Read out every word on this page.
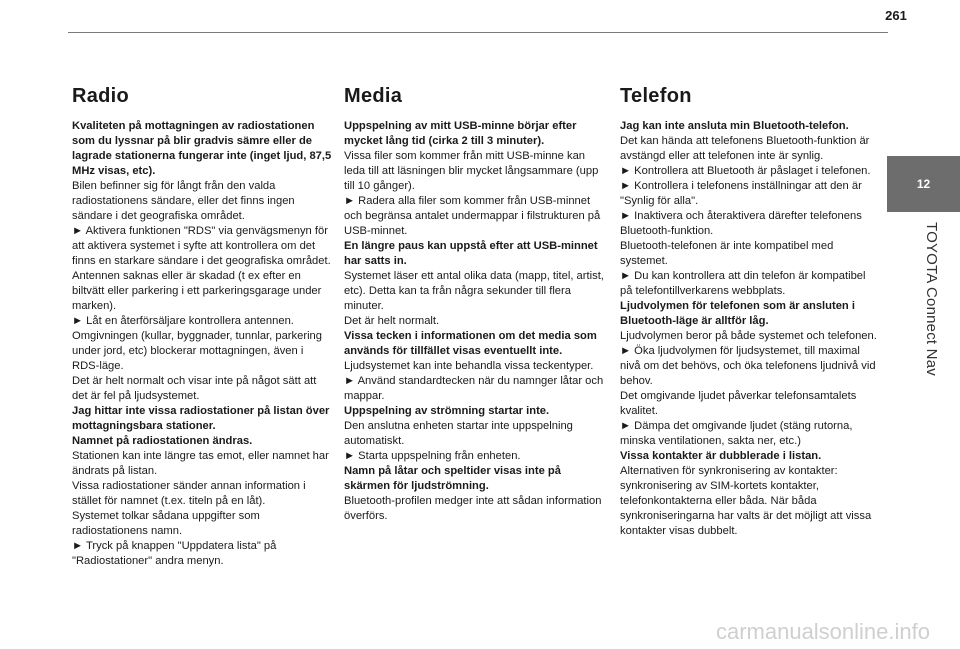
261
12
TOYOTA Connect Nav
Radio

Kvaliteten på mottagningen av radiostationen som du lyssnar på blir gradvis sämre eller de lagrade stationerna fungerar inte (inget ljud, 87,5 MHz visas, etc).

Bilen befinner sig för långt från den valda radiostationens sändare, eller det finns ingen sändare i det geografiska området.

► Aktivera funktionen "RDS" via genvägsmenyn för att aktivera systemet i syfte att kontrollera om det finns en starkare sändare i det geografiska området.

Antennen saknas eller är skadad (t ex efter en biltvätt eller parkering i ett parkeringsgarage under marken).

► Låt en återförsäljare kontrollera antennen.

Omgivningen (kullar, byggnader, tunnlar, parkering under jord, etc) blockerar mottagningen, även i RDS-läge.

Det är helt normalt och visar inte på något sätt att det är fel på ljudsystemet.

Jag hittar inte vissa radiostationer på listan över mottagningsbara stationer.

Namnet på radiostationen ändras.

Stationen kan inte längre tas emot, eller namnet har ändrats på listan.

Vissa radiostationer sänder annan information i stället för namnet (t.ex. titeln på en låt).

Systemet tolkar sådana uppgifter som radiostationens namn.

► Tryck på knappen "Uppdatera lista" på "Radiostationer" andra menyn.

Media

Uppspelning av mitt USB-minne börjar efter mycket lång tid (cirka 2 till 3 minuter).

Vissa filer som kommer från mitt USB-minne kan leda till att läsningen blir mycket långsammare (upp till 10 gånger).

► Radera alla filer som kommer från USB-minnet och begränsa antalet undermappar i filstrukturen på USB-minnet.

En längre paus kan uppstå efter att USB-minnet har satts in.

Systemet läser ett antal olika data (mapp, titel, artist, etc). Detta kan ta från några sekunder till flera minuter.

Det är helt normalt.

Vissa tecken i informationen om det media som används för tillfället visas eventuellt inte.

Ljudsystemet kan inte behandla vissa teckentyper.

► Använd standardtecken när du namnger låtar och mappar.

Uppspelning av strömning startar inte.

Den anslutna enheten startar inte uppspelning automatiskt.

► Starta uppspelning från enheten.

Namn på låtar och speltider visas inte på skärmen för ljudströmning.

Bluetooth-profilen medger inte att sådan information överförs.

Telefon

Jag kan inte ansluta min Bluetooth-telefon.

Det kan hända att telefonens Bluetooth-funktion är avstängd eller att telefonen inte är synlig.

► Kontrollera att Bluetooth är påslaget i telefonen.

► Kontrollera i telefonens inställningar att den är "Synlig för alla".

► Inaktivera och återaktivera därefter telefonens Bluetooth-funktion.

Bluetooth-telefonen är inte kompatibel med systemet.

► Du kan kontrollera att din telefon är kompatibel på telefontillverkarens webbplats.

Ljudvolymen för telefonen som är ansluten i Bluetooth-läge är alltför låg.

Ljudvolymen beror på både systemet och telefonen.

► Öka ljudvolymen för ljudsystemet, till maximal nivå om det behövs, och öka telefonens ljudnivå vid behov.

Det omgivande ljudet påverkar telefonsamtalets kvalitet.

► Dämpa det omgivande ljudet (stäng rutorna, minska ventilationen, sakta ner, etc.)

Vissa kontakter är dubblerade i listan.

Alternativen för synkronisering av kontakter: synkronisering av SIM-kortets kontakter, telefonkontakterna eller båda. När båda synkroniseringarna har valts är det möjligt att vissa kontakter visas dubbelt.

carmanualsonline.info
